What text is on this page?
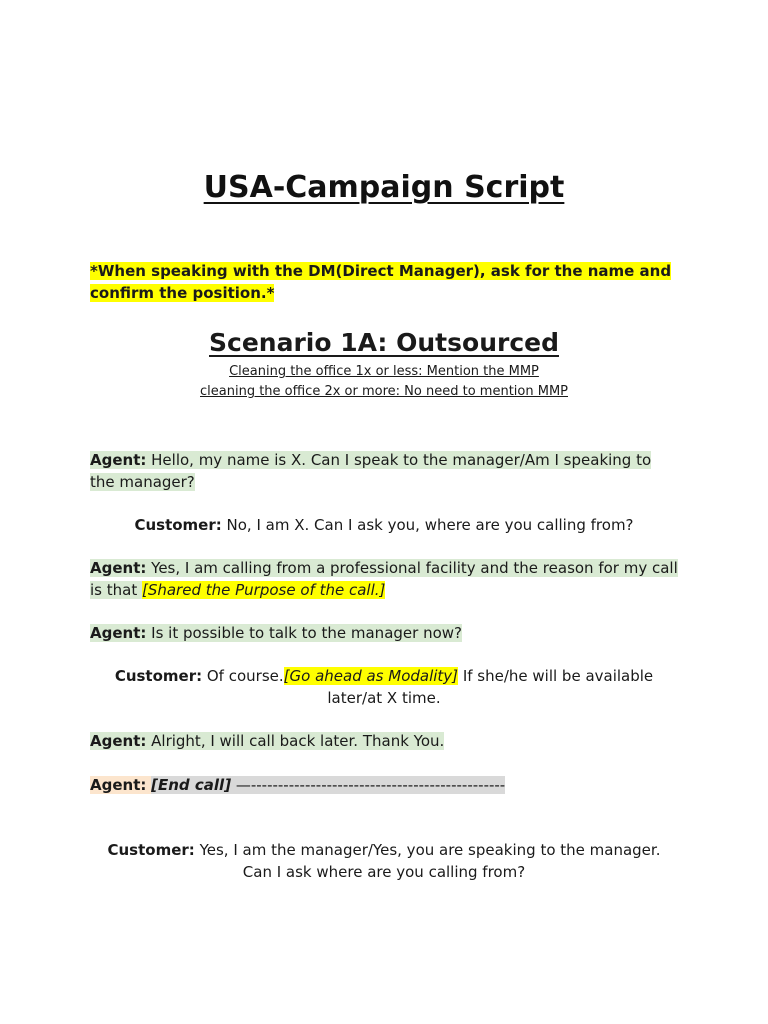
USA-Campaign Script
*When speaking with the DM(Direct Manager), ask for the name and confirm the position.*
Scenario 1A: Outsourced
Cleaning the office 1x or less: Mention the MMP
cleaning the office 2x or more: No need to mention MMP
Agent: Hello, my name is X. Can I speak to the manager/Am I speaking to the manager?
Customer: No, I am X. Can I ask you, where are you calling from?
Agent: Yes, I am calling from a professional facility and the reason for my call is that [Shared the Purpose of the call.]
Agent: Is it possible to talk to the manager now?
Customer: Of course.[Go ahead as Modality] If she/he will be available
later/at X time.
Agent: Alright, I will call back later. Thank You.
Agent: [End call] —-----------------------------------------------
Customer: Yes, I am the manager/Yes, you are speaking to the manager.
Can I ask where are you calling from?
